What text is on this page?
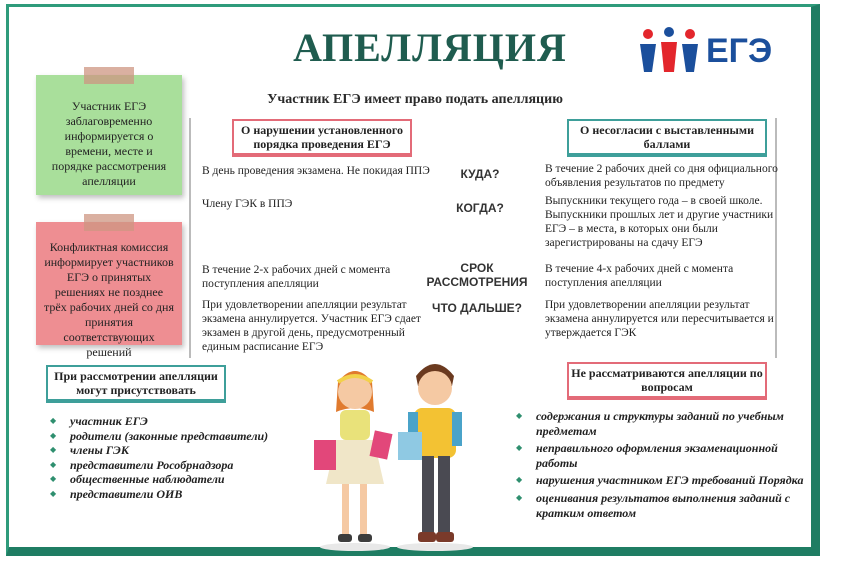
АПЕЛЛЯЦИЯ	ЕГЭ
Участник ЕГЭ имеет право подать апелляцию
Участник ЕГЭ заблаговременно информируется о времени, месте и порядке рассмотрения апелляции
Конфликтная комиссия информирует участников ЕГЭ о принятых решениях не позднее трёх рабочих дней со дня принятия соответствующих решений
О нарушении установленного порядка проведения ЕГЭ
О несогласии с выставленными баллами
В день проведения экзамена. Не покидая ППЭ
Члену ГЭК в ППЭ
В течение 2-х рабочих дней с момента поступления апелляции
При удовлетворении апелляции результат экзамена аннулируется. Участник ЕГЭ сдает экзамен в другой день, предусмотренный единым расписание ЕГЭ
КУДА?
КОГДА?
СРОК РАССМОТРЕНИЯ
ЧТО ДАЛЬШЕ?
В течение 2 рабочих дней со дня официального объявления результатов по предмету
Выпускники текущего года – в своей школе. Выпускники прошлых лет и другие участники ЕГЭ – в места, в которых они были зарегистрированы на сдачу ЕГЭ
В течение 4-х рабочих дней с момента поступления апелляции
При удовлетворении апелляции результат экзамена аннулируется или пересчитывается и утверждается ГЭК
При рассмотрении апелляции могут присутствовать
Не рассматриваются апелляции по вопросам
◆ участник ЕГЭ
◆ родители (законные представители)
◆ члены ГЭК
◆ представители Рособрнадзора
◆ общественные наблюдатели
◆ представители ОИВ
◆ содержания и структуры заданий по учебным предметам
◆ неправильного оформления экзаменационной работы
◆ нарушения участником ЕГЭ требований Порядка
◆ оценивания результатов выполнения заданий с кратким ответом
